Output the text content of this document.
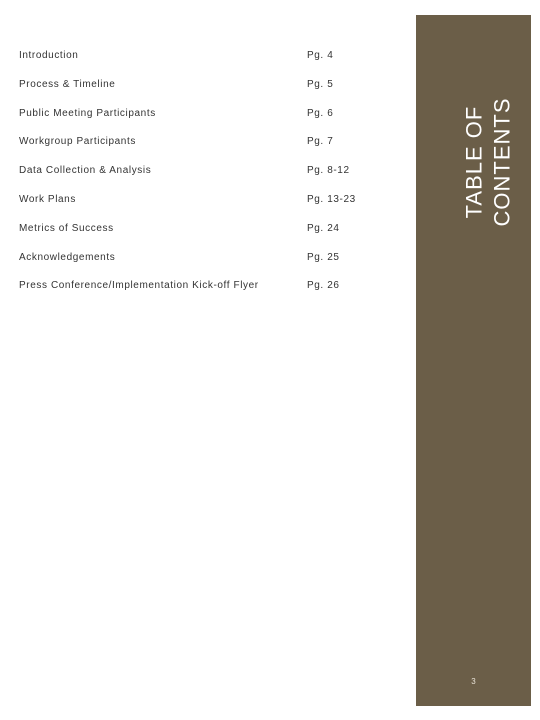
Introduction	Pg. 4
Process & Timeline	Pg. 5
Public Meeting Participants	Pg. 6
Workgroup Participants	Pg. 7
Data Collection & Analysis	Pg. 8-12
Work Plans	Pg. 13-23
Metrics of Success	Pg. 24
Acknowledgements	Pg. 25
Press Conference/Implementation Kick-off Flyer	Pg. 26
TABLE OF CONTENTS
3
